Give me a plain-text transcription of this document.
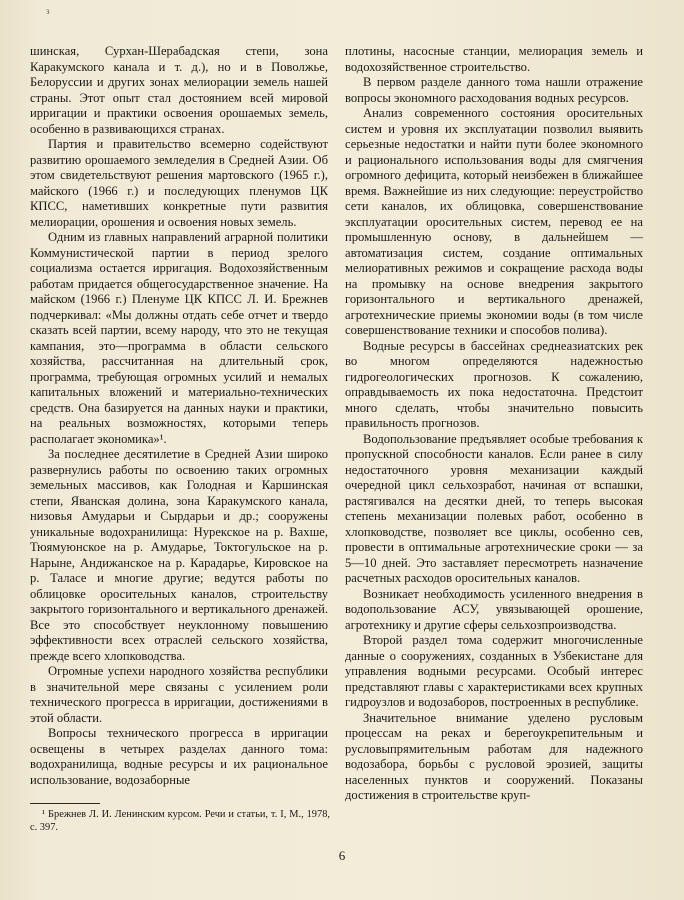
з

шинская, Сурхан-Шерабадская степи, зона Каракумского канала и т. д.), но и в Поволжье, Белоруссии и других зонах мелиорации земель нашей страны. Этот опыт стал достоянием всей мировой ирригации и практики освоения орошаемых земель, особенно в развивающихся странах.

Партия и правительство всемерно содействуют развитию орошаемого земледелия в Средней Азии. Об этом свидетельствуют решения мартовского (1965 г.), майского (1966 г.) и последующих пленумов ЦК КПСС, наметивших конкретные пути развития мелиорации, орошения и освоения новых земель.

Одним из главных направлений аграрной политики Коммунистической партии в период зрелого социализма остается ирригация. Водохозяйственным работам придается общегосударственное значение. На майском (1966 г.) Пленуме ЦК КПСС Л. И. Брежнев подчеркивал: «Мы должны отдать себе отчет и твердо сказать всей партии, всему народу, что это не текущая кампания, это—программа в области сельского хозяйства, рассчитанная на длительный срок, программа, требующая огромных усилий и немалых капитальных вложений и материально-технических средств. Она базируется на данных науки и практики, на реальных возможностях, которыми теперь располагает экономика»¹.

За последнее десятилетие в Средней Азии широко развернулись работы по освоению таких огромных земельных массивов, как Голодная и Каршинская степи, Яванская долина, зона Каракумского канала, низовья Амударьи и Сырдарьи и др.; сооружены уникальные водохранилища: Нурекское на р. Вахше, Тюямуюнское на р. Амударье, Токтогульское на р. Нарыне, Андижанское на р. Карадарье, Кировское на р. Таласе и многие другие; ведутся работы по облицовке оросительных каналов, строительству закрытого горизонтального и вертикального дренажей. Все это способствует неуклонному повышению эффективности всех отраслей сельского хозяйства, прежде всего хлопководства.

Огромные успехи народного хозяйства республики в значительной мере связаны с усилением роли технического прогресса в ирригации, достижениями в этой области.

Вопросы технического прогресса в ирригации освещены в четырех разделах данного тома: водохранилища, водные ресурсы и их рациональное использование, водозаборные

плотины, насосные станции, мелиорация земель и водохозяйственное строительство.

В первом разделе данного тома нашли отражение вопросы экономного расходования водных ресурсов.

Анализ современного состояния оросительных систем и уровня их эксплуатации позволил выявить серьезные недостатки и найти пути более экономного и рационального использования воды для смягчения огромного дефицита, который неизбежен в ближайшее время. Важнейшие из них следующие: переустройство сети каналов, их облицовка, совершенствование эксплуатации оросительных систем, перевод ее на промышленную основу, в дальнейшем — автоматизация систем, создание оптимальных мелиоративных режимов и сокращение расхода воды на промывку на основе внедрения закрытого горизонтального и вертикального дренажей, агротехнические приемы экономии воды (в том числе совершенствование техники и способов полива).

Водные ресурсы в бассейнах среднеазиатских рек во многом определяются надежностью гидрогеологических прогнозов. К сожалению, оправдываемость их пока недостаточна. Предстоит много сделать, чтобы значительно повысить правильность прогнозов.

Водопользование предъявляет особые требования к пропускной способности каналов. Если ранее в силу недостаточного уровня механизации каждый очередной цикл сельхозработ, начиная от вспашки, растягивался на десятки дней, то теперь высокая степень механизации полевых работ, особенно в хлопководстве, позволяет все циклы, особенно сев, провести в оптимальные агротехнические сроки — за 5—10 дней. Это заставляет пересмотреть назначение расчетных расходов оросительных каналов.

Возникает необходимость усиленного внедрения в водопользование АСУ, увязывающей орошение, агротехнику и другие сферы сельхозпроизводства.

Второй раздел тома содержит многочисленные данные о сооружениях, созданных в Узбекистане для управления водными ресурсами. Особый интерес представляют главы с характеристиками всех крупных гидроузлов и водозаборов, построенных в республике.

Значительное внимание уделено русловым процессам на реках и берегоукрепительным и русловыпрямительным работам для надежного водозабора, борьбы с русловой эрозией, защиты населенных пунктов и сооружений. Показаны достижения в строительстве круп-

¹ Брежнев Л. И. Ленинским курсом. Речи и статьи, т. I, М., 1978, с. 397.
6
